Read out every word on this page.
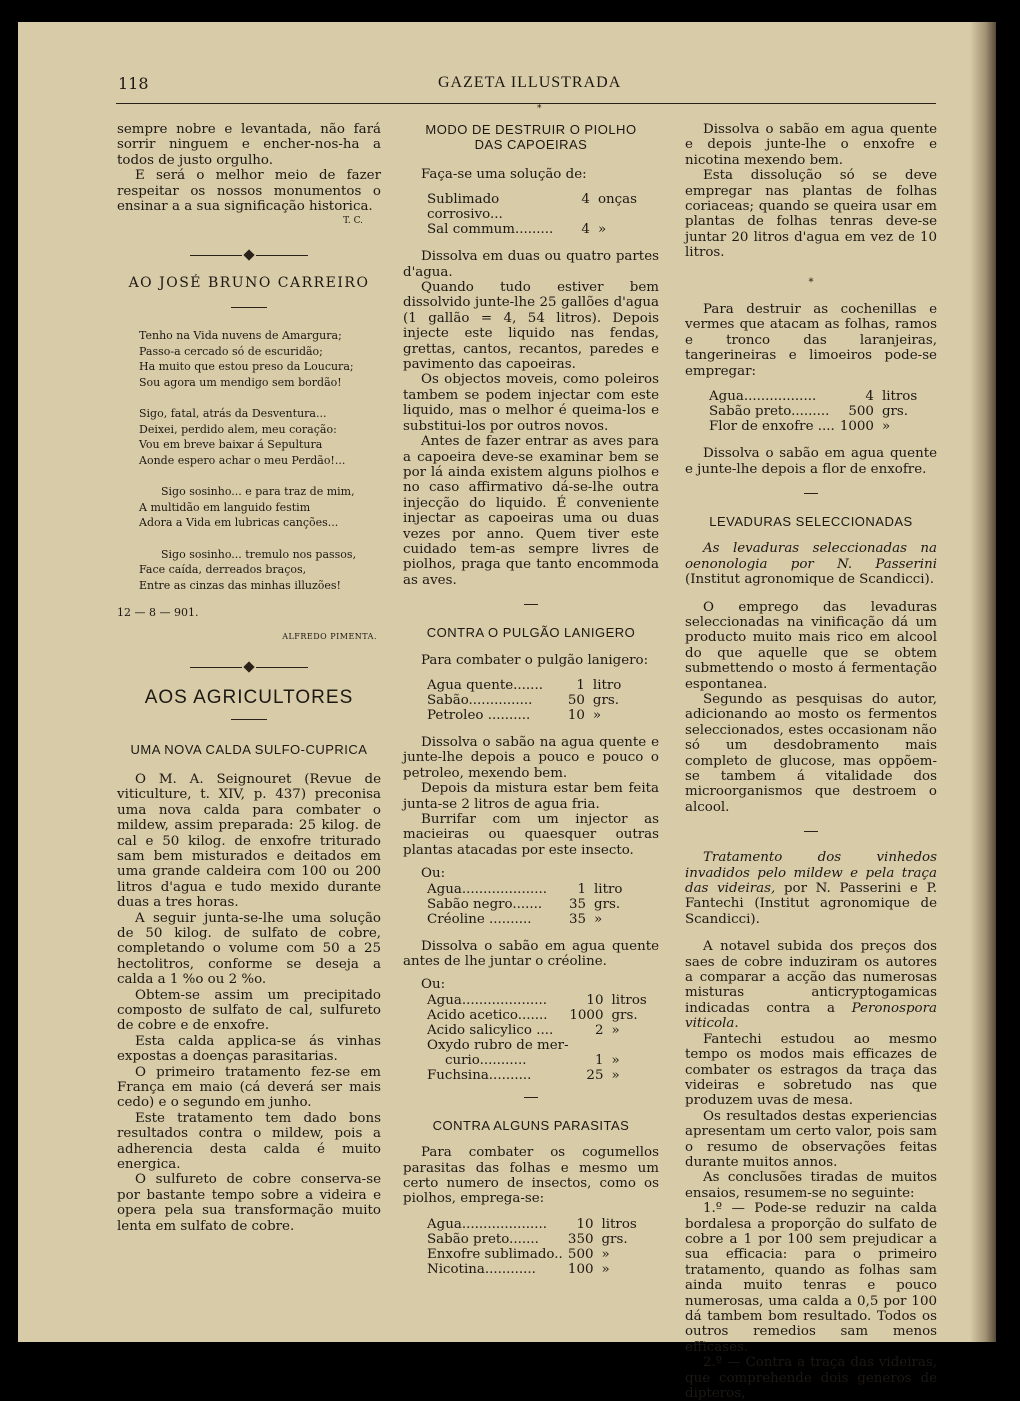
118	GAZETA ILLUSTRADA
*

sempre nobre e levantada, não fará sorrir ninguem e encher-nos-ha a todos de justo orgulho.

E será o melhor meio de fazer respeitar os nossos monumentos o ensinar a a sua significação historica.

T. C.

AO JOSÉ BRUNO CARREIRO

Tenho na Vida nuvens de Amargura;
Passo-a cercado só de escuridão;
Ha muito que estou preso da Loucura;
Sou agora um mendigo sem bordão!
Sigo, fatal, atrás da Desventura...
Deixei, perdido alem, meu coração:
Vou em breve baixar á Sepultura
Aonde espero achar o meu Perdão!...
Sigo sosinho... e para traz de mim,
A multidão em languido festim
Adora a Vida em lubricas canções...
Sigo sosinho... tremulo nos passos,
Face caída, derreados braços,
Entre as cinzas das minhas illuzões!

12 — 8 — 901.

ALFREDO PIMENTA.

AOS AGRICULTORES

UMA NOVA CALDA SULFO-CUPRICA

O M. A. Seignouret (Revue de viticulture, t. XIV, p. 437) preconisa uma nova calda para combater o mildew, assim preparada: 25 kilog. de cal e 50 kilog. de enxofre triturado sam bem misturados e deitados em uma grande caldeira com 100 ou 200 litros d'agua e tudo mexido durante duas a tres horas.

A seguir junta-se-lhe uma solução de 50 kilog. de sulfato de cobre, completando o volume com 50 a 25 hectolitros, conforme se deseja a calda a 1 %o ou 2 %o.

Obtem-se assim um precipitado composto de sulfato de cal, sulfureto de cobre e de enxofre.

Esta calda applica-se ás vinhas expostas a doenças parasitarias.

O primeiro tratamento fez-se em França em maio (cá deverá ser mais cedo) e o segundo em junho.

Este tratamento tem dado bons resultados contra o mildew, pois a adherencia desta calda é muito energica.

O sulfureto de cobre conserva-se por bastante tempo sobre a videira e opera pela sua transformação muito lenta em sulfato de cobre.

MODO DE DESTRUIR O PIOLHO

DAS CAPOEIRAS

Faça-se uma solução de:

Sublimado corrosivo...	4	onças
Sal commum.........	4	»

Dissolva em duas ou quatro partes d'agua.

Quando tudo estiver bem dissolvido junte-lhe 25 gallões d'agua (1 gallão = 4, 54 litros). Depois injecte este liquido nas fendas, grettas, cantos, recantos, paredes e pavimento das capoeiras.

Os objectos moveis, como poleiros tambem se podem injectar com este liquido, mas o melhor é queima-los e substitui-los por outros novos.

Antes de fazer entrar as aves para a capoeira deve-se examinar bem se por lá ainda existem alguns piolhos e no caso affirmativo dá-se-lhe outra injecção do liquido. É conveniente injectar as capoeiras uma ou duas vezes por anno. Quem tiver este cuidado tem-as sempre livres de piolhos, praga que tanto encommoda as aves.

CONTRA O PULGÃO LANIGERO

Para combater o pulgão lanigero:

Agua quente.......	1	litro
Sabão...............	50	grs.
Petroleo ..........	10	»

Dissolva o sabão na agua quente e junte-lhe depois a pouco e pouco o petroleo, mexendo bem.

Depois da mistura estar bem feita junta-se 2 litros de agua fria.

Burrifar com um injector as macieiras ou quaesquer outras plantas atacadas por este insecto.

Ou:

Agua....................	1	litro
Sabão negro.......	35	grs.
Créoline ..........	35	»

Dissolva o sabão em agua quente antes de lhe juntar o créoline.

Ou:

Agua....................	10	litros
Acido acetico.......	1000	grs.
Acido salicylico ....	2	»
Oxydo rubro de mer-		
curio...........	1	»
Fuchsina..........	25	»

CONTRA ALGUNS PARASITAS

Para combater os cogumellos parasitas das folhas e mesmo um certo numero de insectos, como os piolhos, emprega-se:

Agua....................	10	litros
Sabão preto.......	350	grs.
Enxofre sublimado..	500	»
Nicotina............	100	»

Dissolva o sabão em agua quente e depois junte-lhe o enxofre e nicotina mexendo bem.

Esta dissolução só se deve empregar nas plantas de folhas coriaceas; quando se queira usar em plantas de folhas tenras deve-se juntar 20 litros d'agua em vez de 10 litros.

*

Para destruir as cochenillas e vermes que atacam as folhas, ramos e tronco das laranjeiras, tangerineiras e limoeiros pode-se empregar:

Agua.................	4	litros
Sabão preto.........	500	grs.
Flor de enxofre ....	1000	»

Dissolva o sabão em agua quente e junte-lhe depois a flor de enxofre.

LEVADURAS SELECCIONADAS

As levaduras seleccionadas na oenonologia por N. Passerini (Institut agronomique de Scandicci).

O emprego das levaduras seleccionadas na vinificação dá um producto muito mais rico em alcool do que aquelle que se obtem submettendo o mosto á fermentação espontanea.

Segundo as pesquisas do autor, adicionando ao mosto os fermentos seleccionados, estes occasionam não só um desdobramento mais completo de glucose, mas oppõem-se tambem á vitalidade dos microorganismos que destroem o alcool.

Tratamento dos vinhedos invadidos pelo mildew e pela traça das videiras, por N. Passerini e P. Fantechi (Institut agronomique de Scandicci).

A notavel subida dos preços dos saes de cobre induziram os autores a comparar a acção das numerosas misturas anticryptogamicas indicadas contra a Peronospora viticola.

Fantechi estudou ao mesmo tempo os modos mais efficazes de combater os estragos da traça das videiras e sobretudo nas que produzem uvas de mesa.

Os resultados destas experiencias apresentam um certo valor, pois sam o resumo de observações feitas durante muitos annos.

As conclusões tiradas de muitos ensaios, resumem-se no seguinte:

1.º — Pode-se reduzir na calda bordalesa a proporção do sulfato de cobre a 1 por 100 sem prejudicar a sua efficacia: para o primeiro tratamento, quando as folhas sam ainda muito tenras e pouco numerosas, uma calda a 0,5 por 100 dá tambem bom resultado. Todos os outros remedios sam menos efficases.

2.º — Contra a traça das videiras, que comprehende dois generos de dipteros,
